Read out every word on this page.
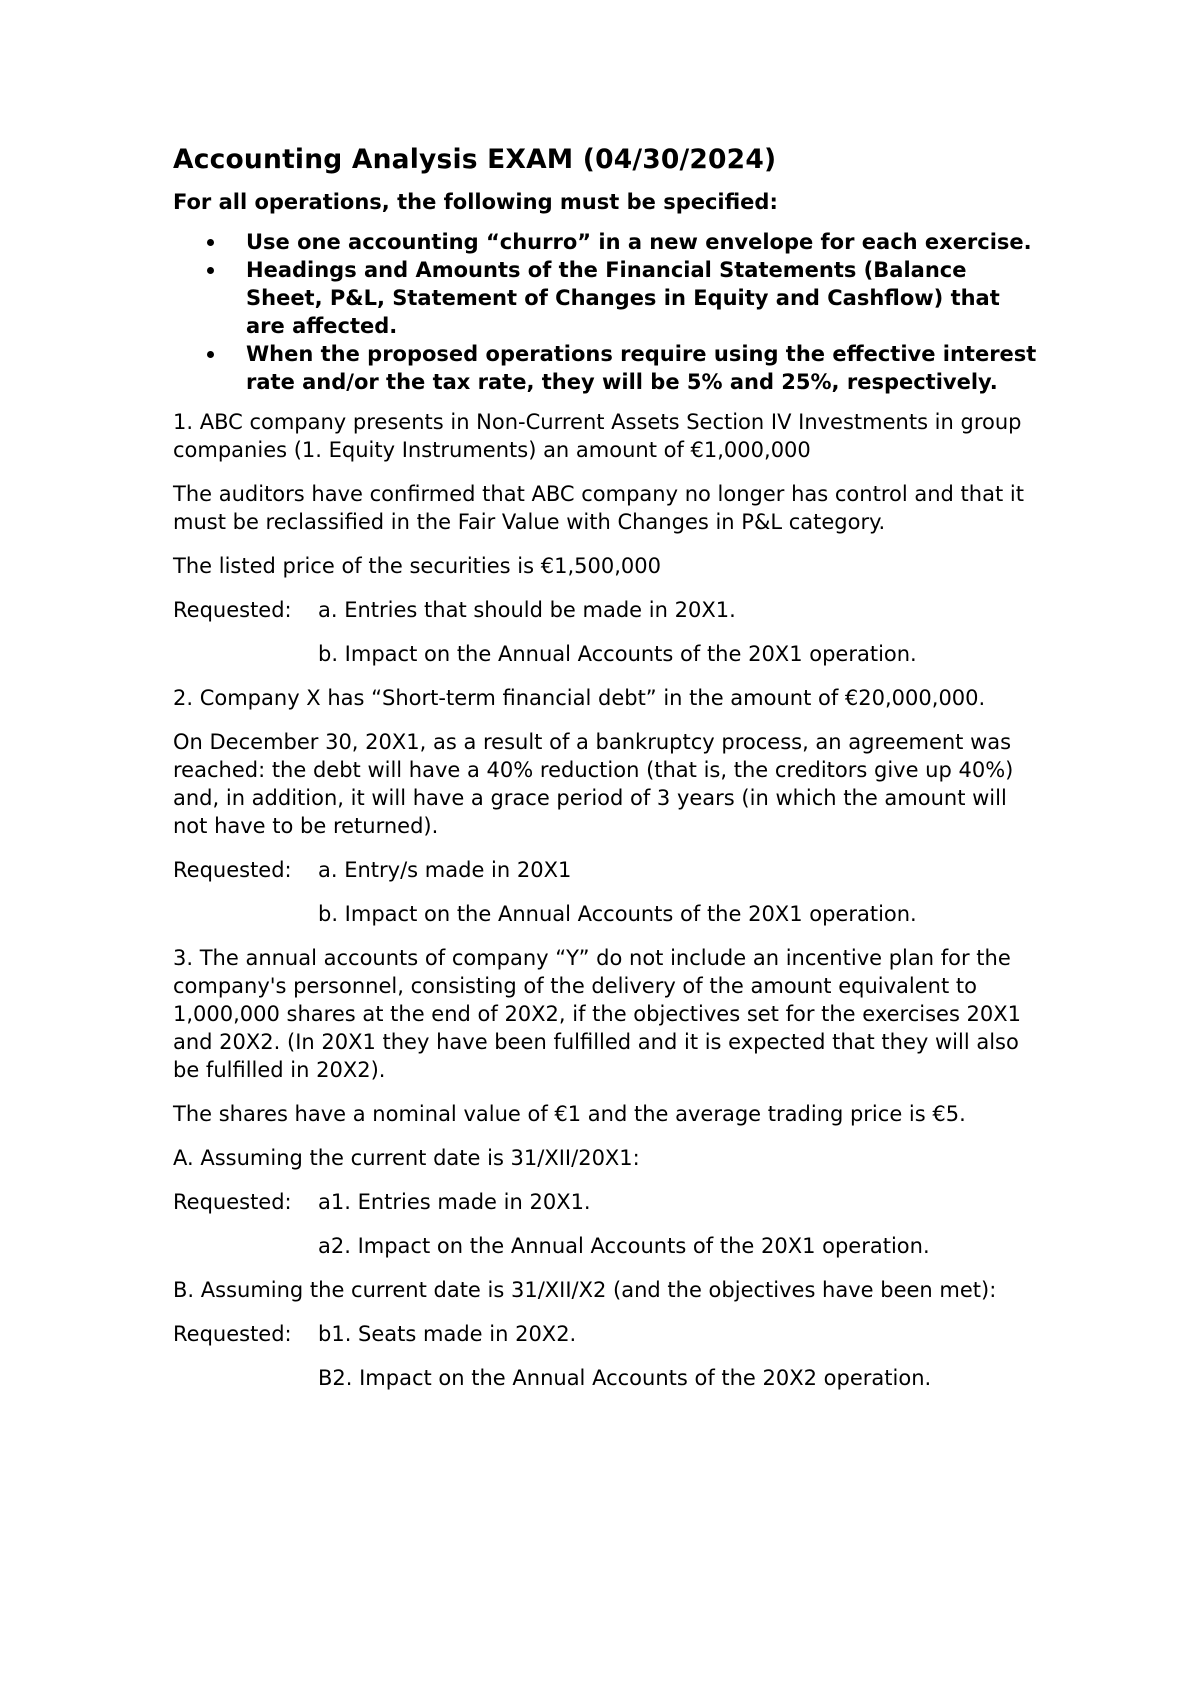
Accounting Analysis EXAM (04/30/2024)
For all operations, the following must be specified:
Use one accounting “churro” in a new envelope for each exercise.
Headings and Amounts of the Financial Statements (Balance Sheet, P&L, Statement of Changes in Equity and Cashflow) that are affected.
When the proposed operations require using the effective interest rate and/or the tax rate, they will be 5% and 25%, respectively.

1. ABC company presents in Non-Current Assets Section IV Investments in group companies (1. Equity Instruments) an amount of €1,000,000

The auditors have confirmed that ABC company no longer has control and that it must be reclassified in the Fair Value with Changes in P&L category.

The listed price of the securities is €1,500,000

Requested:	a. Entries that should be made in 20X1.
b. Impact on the Annual Accounts of the 20X1 operation.

2. Company X has “Short-term financial debt” in the amount of €20,000,000.

On December 30, 20X1, as a result of a bankruptcy process, an agreement was reached: the debt will have a 40% reduction (that is, the creditors give up 40%) and, in addition, it will have a grace period of 3 years (in which the amount will not have to be returned).

Requested:	a. Entry/s made in 20X1
b. Impact on the Annual Accounts of the 20X1 operation.

3. The annual accounts of company “Y” do not include an incentive plan for the company's personnel, consisting of the delivery of the amount equivalent to 1,000,000 shares at the end of 20X2, if the objectives set for the exercises 20X1 and 20X2. (In 20X1 they have been fulfilled and it is expected that they will also be fulfilled in 20X2).

The shares have a nominal value of €1 and the average trading price is €5.

A. Assuming the current date is 31/XII/20X1:

Requested:	a1. Entries made in 20X1.
a2. Impact on the Annual Accounts of the 20X1 operation.

B. Assuming the current date is 31/XII/X2 (and the objectives have been met):

Requested:	b1. Seats made in 20X2.
B2. Impact on the Annual Accounts of the 20X2 operation.
